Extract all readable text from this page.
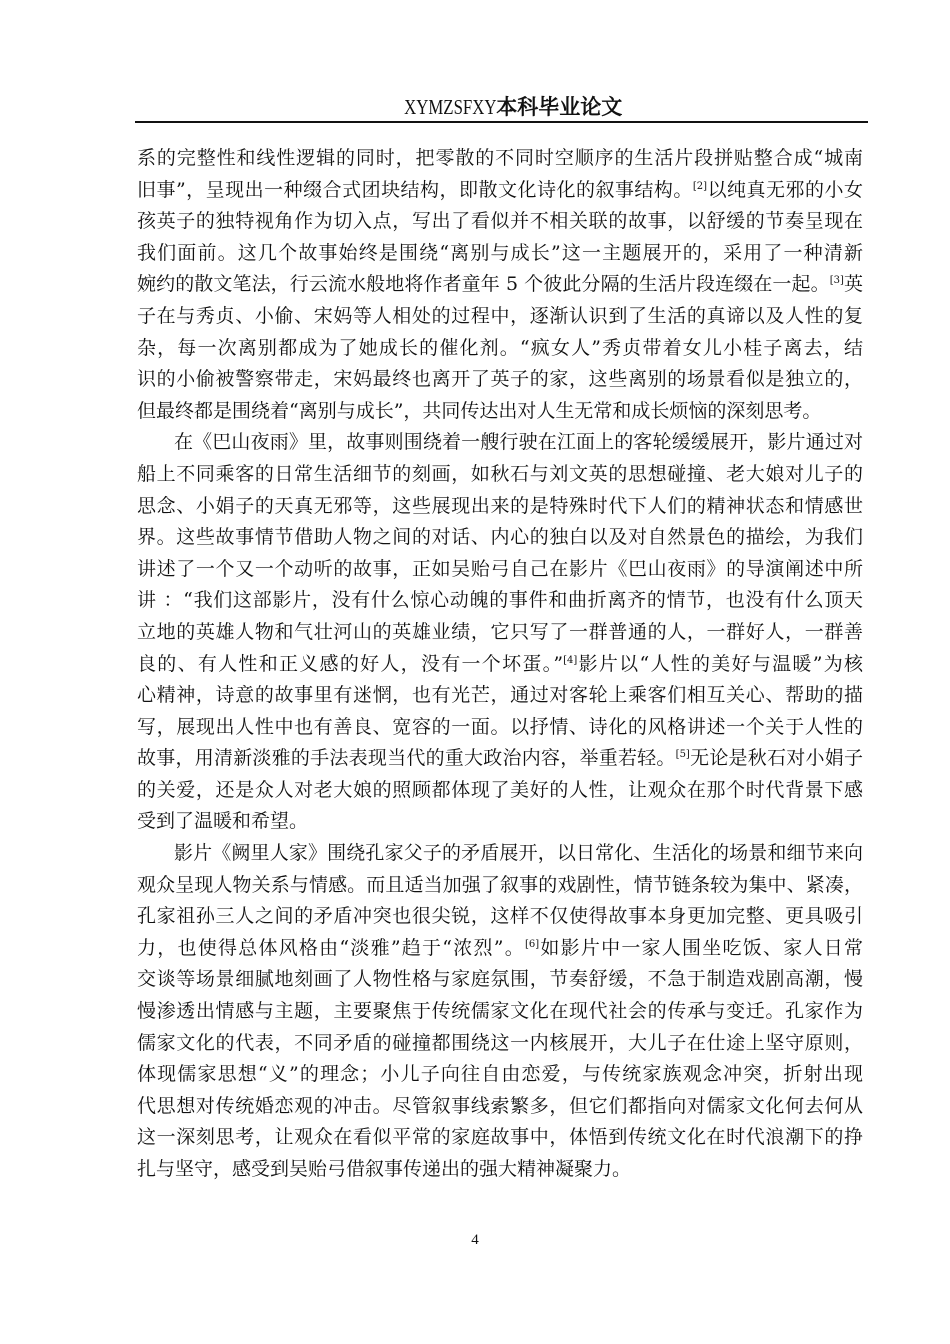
XYMZSFXY本科毕业论文
系的完整性和线性逻辑的同时，把零散的不同时空顺序的生活片段拼贴整合成“城南
旧事”，呈现出一种缀合式团块结构，即散文化诗化的叙事结构。[2]以纯真无邪的小女
孩英子的独特视角作为切入点，写出了看似并不相关联的故事，以舒缓的节奏呈现在
我们面前。这几个故事始终是围绕“离别与成长”这一主题展开的，采用了一种清新
婉约的散文笔法，行云流水般地将作者童年 5 个彼此分隔的生活片段连缀在一起。[3]英
子在与秀贞、小偷、宋妈等人相处的过程中，逐渐认识到了生活的真谛以及人性的复
杂，每一次离别都成为了她成长的催化剂。“疯女人”秀贞带着女儿小桂子离去，结
识的小偷被警察带走，宋妈最终也离开了英子的家，这些离别的场景看似是独立的，
但最终都是围绕着“离别与成长”，共同传达出对人生无常和成长烦恼的深刻思考。
在《巴山夜雨》里，故事则围绕着一艘行驶在江面上的客轮缓缓展开，影片通过对
船上不同乘客的日常生活细节的刻画，如秋石与刘文英的思想碰撞、老大娘对儿子的
思念、小娟子的天真无邪等，这些展现出来的是特殊时代下人们的精神状态和情感世
界。这些故事情节借助人物之间的对话、内心的独白以及对自然景色的描绘，为我们
讲述了一个又一个动听的故事，正如吴贻弓自己在影片《巴山夜雨》的导演阐述中所
讲 ：“我们这部影片，没有什么惊心动魄的事件和曲折离齐的情节，也没有什么顶天
立地的英雄人物和气壮河山的英雄业绩，它只写了一群普通的人，一群好人，一群善
良的、有人性和正义感的好人，没有一个坏蛋。”[4]影片以“人性的美好与温暖”为核
心精神，诗意的故事里有迷惘，也有光芒，通过对客轮上乘客们相互关心、帮助的描
写，展现出人性中也有善良、宽容的一面。以抒情、诗化的风格讲述一个关于人性的
故事，用清新淡雅的手法表现当代的重大政治内容，举重若轻。[5]无论是秋石对小娟子
的关爱，还是众人对老大娘的照顾都体现了美好的人性，让观众在那个时代背景下感
受到了温暖和希望。
影片《阙里人家》围绕孔家父子的矛盾展开，以日常化、生活化的场景和细节来向
观众呈现人物关系与情感。而且适当加强了叙事的戏剧性，情节链条较为集中、紧凑，
孔家祖孙三人之间的矛盾冲突也很尖锐，这样不仅使得故事本身更加完整、更具吸引
力，也使得总体风格由“淡雅”趋于“浓烈”。[6]如影片中一家人围坐吃饭、家人日常
交谈等场景细腻地刻画了人物性格与家庭氛围，节奏舒缓，不急于制造戏剧高潮，慢
慢渗透出情感与主题，主要聚焦于传统儒家文化在现代社会的传承与变迁。孔家作为
儒家文化的代表，不同矛盾的碰撞都围绕这一内核展开，大儿子在仕途上坚守原则，
体现儒家思想“义”的理念；小儿子向往自由恋爱，与传统家族观念冲突，折射出现
代思想对传统婚恋观的冲击。尽管叙事线索繁多，但它们都指向对儒家文化何去何从
这一深刻思考，让观众在看似平常的家庭故事中，体悟到传统文化在时代浪潮下的挣
扎与坚守，感受到吴贻弓借叙事传递出的强大精神凝聚力。
4
